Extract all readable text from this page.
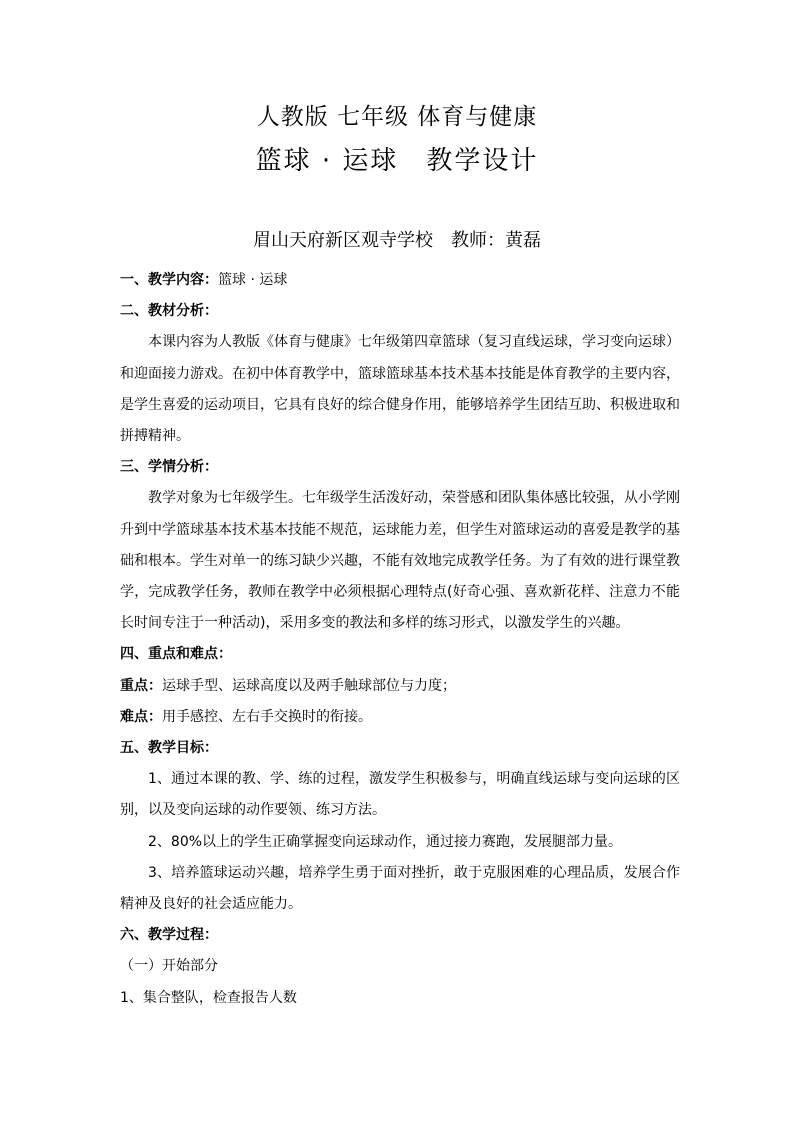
人教版 七年级 体育与健康
篮球 · 运球　教学设计
眉山天府新区观寺学校　教师：黄磊

一、教学内容：篮球 · 运球

二、教材分析：

本课内容为人教版《体育与健康》七年级第四章篮球（复习直线运球，学习变向运球）和迎面接力游戏。在初中体育教学中，篮球篮球基本技术基本技能是体育教学的主要内容，是学生喜爱的运动项目，它具有良好的综合健身作用，能够培养学生团结互助、积极进取和拼搏精神。

三、学情分析：

教学对象为七年级学生。七年级学生活泼好动，荣誉感和团队集体感比较强，从小学刚升到中学篮球基本技术基本技能不规范，运球能力差，但学生对篮球运动的喜爱是教学的基础和根本。学生对单一的练习缺少兴趣，不能有效地完成教学任务。为了有效的进行课堂教学，完成教学任务，教师在教学中必须根据心理特点(好奇心强、喜欢新花样、注意力不能长时间专注于一种活动)，采用多变的教法和多样的练习形式，以激发学生的兴趣。

四、重点和难点：

重点：运球手型、运球高度以及两手触球部位与力度；

难点：用手感控、左右手交换时的衔接。

五、教学目标：

1、通过本课的教、学、练的过程，激发学生积极参与，明确直线运球与变向运球的区别，以及变向运球的动作要领、练习方法。

2、80%以上的学生正确掌握变向运球动作，通过接力赛跑，发展腿部力量。

3、培养篮球运动兴趣，培养学生勇于面对挫折，敢于克服困难的心理品质，发展合作精神及良好的社会适应能力。

六、教学过程：

（一）开始部分

1、集合整队，检查报告人数
